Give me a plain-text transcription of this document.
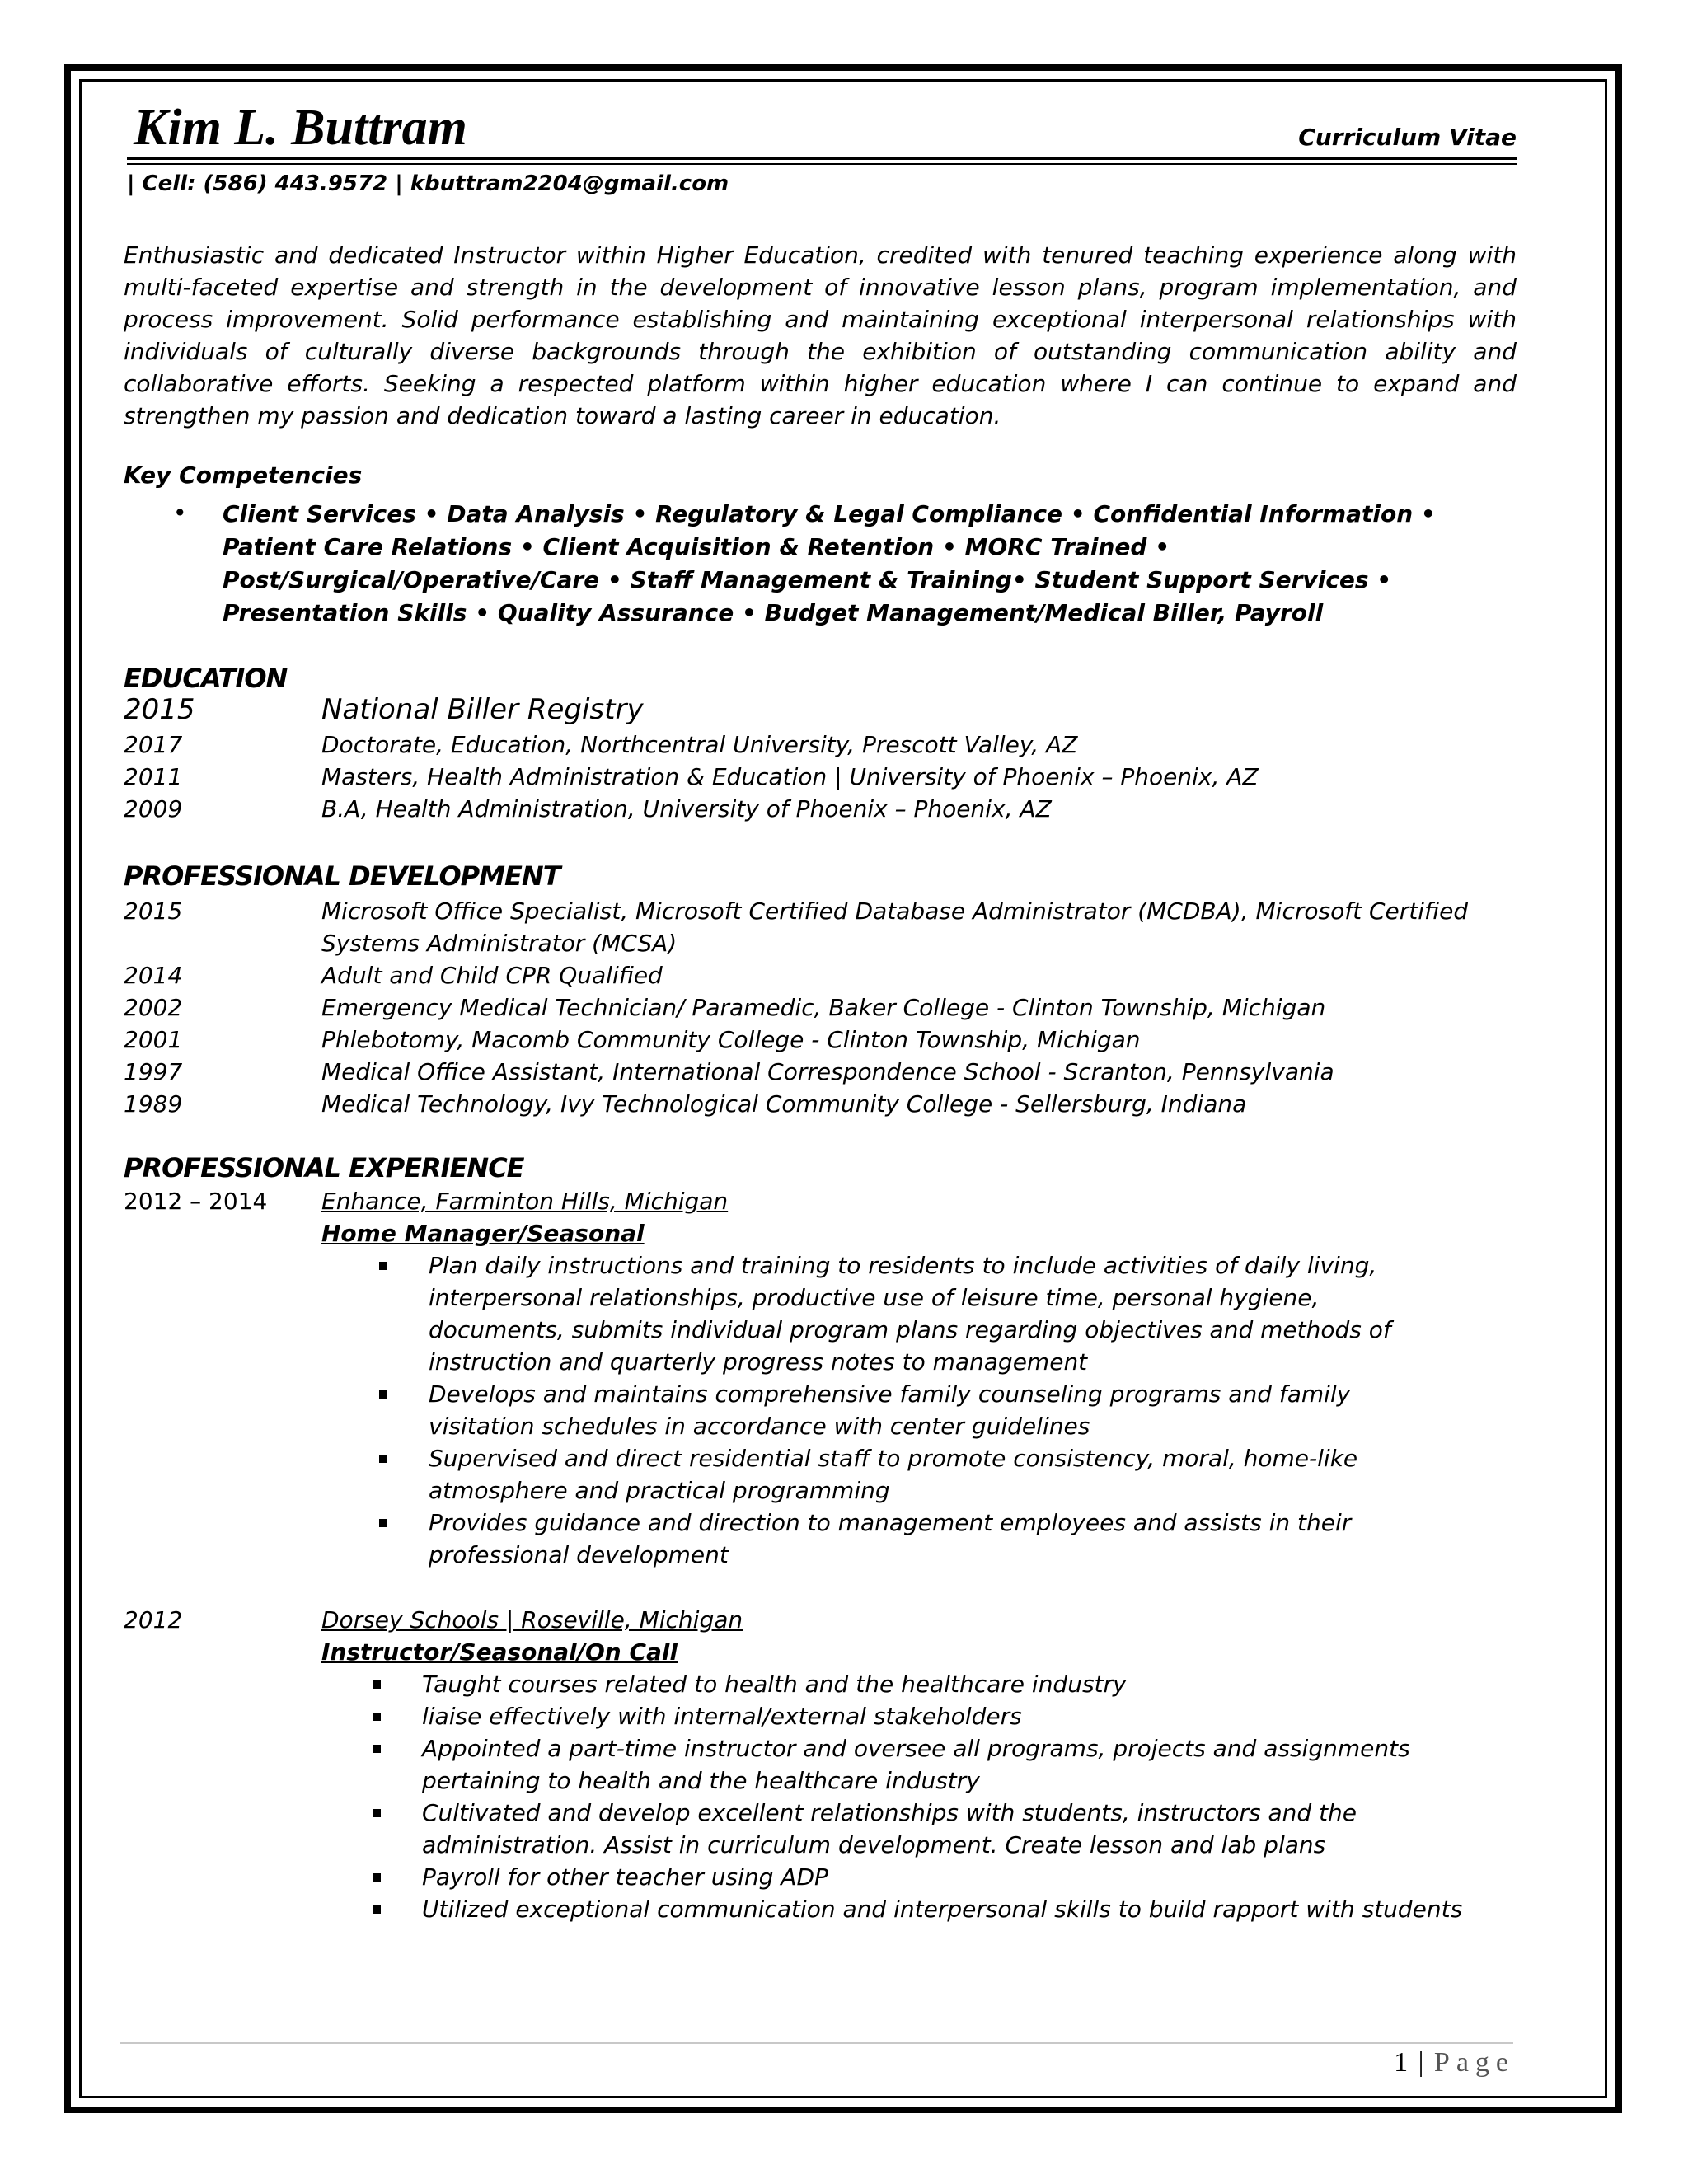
Kim L. Buttram	Curriculum Vitae
| Cell: (586) 443.9572 | kbuttram2204@gmail.com
Enthusiastic and dedicated Instructor within Higher Education, credited with tenured teaching experience along with multi-faceted expertise and strength in the development of innovative lesson plans, program implementation, and process improvement. Solid performance establishing and maintaining exceptional interpersonal relationships with individuals of culturally diverse backgrounds through the exhibition of outstanding communication ability and collaborative efforts. Seeking a respected platform within higher education where I can continue to expand and strengthen my passion and dedication toward a lasting career in education.
Key Competencies
• Client Services • Data Analysis • Regulatory & Legal Compliance • Confidential Information • Patient Care Relations • Client Acquisition & Retention • MORC Trained • Post/Surgical/Operative/Care • Staff Management & Training• Student Support Services • Presentation Skills • Quality Assurance • Budget Management/Medical Biller, Payroll
EDUCATION
2015	National Biller Registry
2017	Doctorate, Education, Northcentral University, Prescott Valley, AZ
2011	Masters, Health Administration & Education | University of Phoenix – Phoenix, AZ
2009	B.A, Health Administration, University of Phoenix – Phoenix, AZ
PROFESSIONAL DEVELOPMENT
2015	Microsoft Office Specialist, Microsoft Certified Database Administrator (MCDBA), Microsoft Certified Systems Administrator (MCSA)
2014	Adult and Child CPR Qualified
2002	Emergency Medical Technician/ Paramedic, Baker College - Clinton Township, Michigan
2001	Phlebotomy, Macomb Community College - Clinton Township, Michigan
1997	Medical Office Assistant, International Correspondence School - Scranton, Pennsylvania
1989	Medical Technology, Ivy Technological Community College - Sellersburg, Indiana
PROFESSIONAL EXPERIENCE
2012 – 2014 Enhance, Farminton Hills, Michigan
Home Manager/Seasonal
Plan daily instructions and training to residents to include activities of daily living, interpersonal relationships, productive use of leisure time, personal hygiene, documents, submits individual program plans regarding objectives and methods of instruction and quarterly progress notes to management
Develops and maintains comprehensive family counseling programs and family visitation schedules in accordance with center guidelines
Supervised and direct residential staff to promote consistency, moral, home-like atmosphere and practical programming
Provides guidance and direction to management employees and assists in their professional development
2012	Dorsey Schools | Roseville, Michigan
Instructor/Seasonal/On Call
Taught courses related to health and the healthcare industry
liaise effectively with internal/external stakeholders
Appointed a part-time instructor and oversee all programs, projects and assignments pertaining to health and the healthcare industry
Cultivated and develop excellent relationships with students, instructors and the administration. Assist in curriculum development. Create lesson and lab plans
Payroll for other teacher using ADP
Utilized exceptional communication and interpersonal skills to build rapport with students
1 | Page
